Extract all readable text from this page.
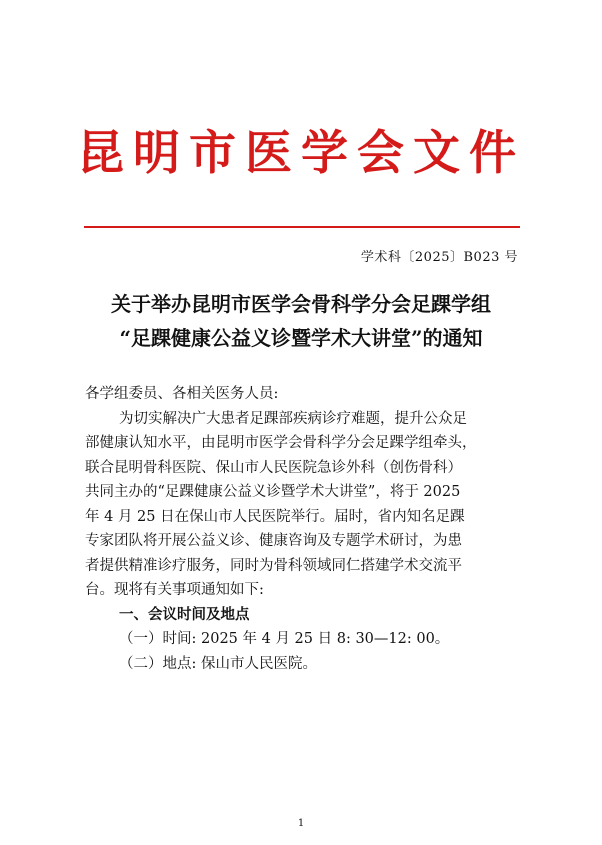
昆明市医学会文件
学术科〔2025〕B023 号
关于举办昆明市医学会骨科学分会足踝学组
“足踝健康公益义诊暨学术大讲堂”的通知

各学组委员、各相关医务人员:

为切实解决广大患者足踝部疾病诊疗难题，提升公众足

部健康认知水平，由昆明市医学会骨科学分会足踝学组牵头，

联合昆明骨科医院、保山市人民医院急诊外科（创伤骨科）

共同主办的“足踝健康公益义诊暨学术大讲堂”，将于 2025

年 4 月 25 日在保山市人民医院举行。届时，省内知名足踝

专家团队将开展公益义诊、健康咨询及专题学术研讨，为患

者提供精准诊疗服务，同时为骨科领域同仁搭建学术交流平

台。现将有关事项通知如下:

一、会议时间及地点

（一）时间: 2025 年 4 月 25 日 8: 30—12: 00。

（二）地点: 保山市人民医院。

1
